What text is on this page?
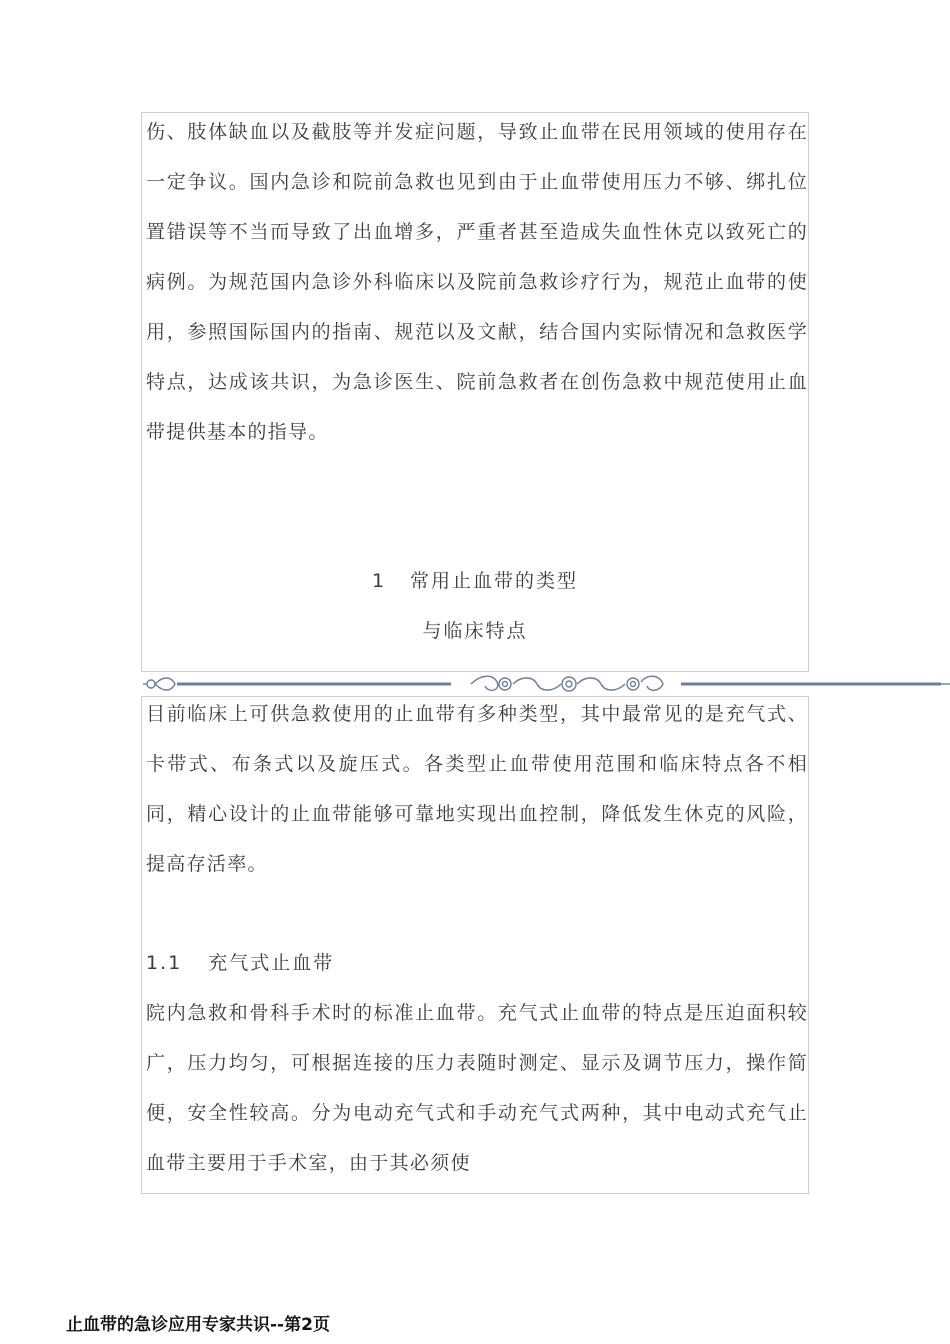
伤、肢体缺血以及截肢等并发症问题，导致止血带在民用领域的使用存在一定争议。国内急诊和院前急救也见到由于止血带使用压力不够、绑扎位置错误等不当而导致了出血增多，严重者甚至造成失血性休克以致死亡的病例。为规范国内急诊外科临床以及院前急救诊疗行为，规范止血带的使用，参照国际国内的指南、规范以及文献，结合国内实际情况和急救医学特点，达成该共识，为急诊医生、院前急救者在创伤急救中规范使用止血带提供基本的指导。

1 常用止血带的类型
与临床特点

目前临床上可供急救使用的止血带有多种类型，其中最常见的是充气式、卡带式、布条式以及旋压式。各类型止血带使用范围和临床特点各不相同，精心设计的止血带能够可靠地实现出血控制，降低发生休克的风险，提高存活率。

1.1 充气式止血带

院内急救和骨科手术时的标准止血带。充气式止血带的特点是压迫面积较广，压力均匀，可根据连接的压力表随时测定、显示及调节压力，操作简便，安全性较高。分为电动充气式和手动充气式两种，其中电动式充气止血带主要用于手术室，由于其必须使

止血带的急诊应用专家共识--第2页
